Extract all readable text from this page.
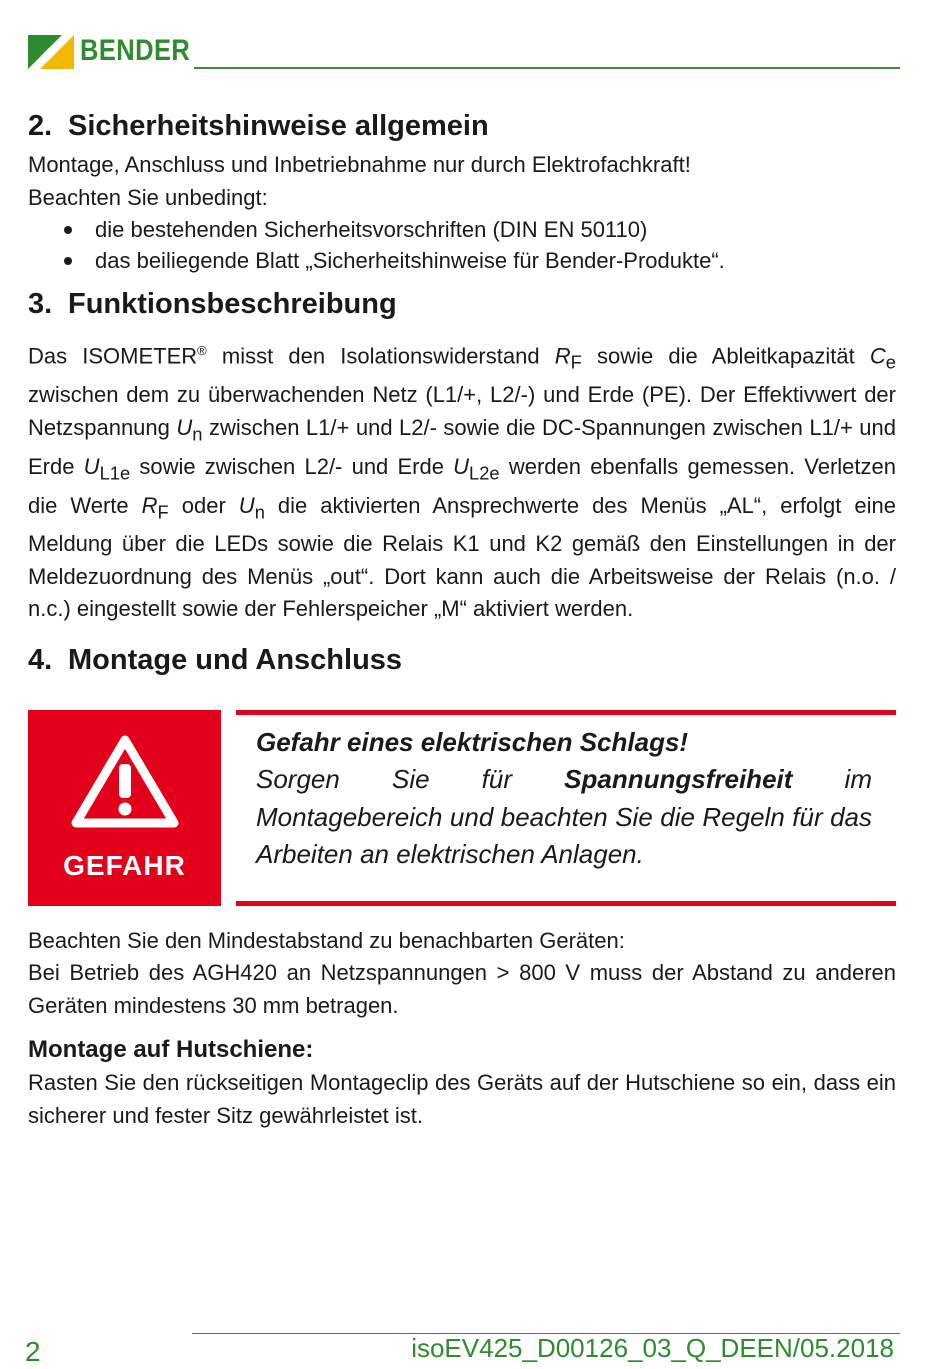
BENDER
2. Sicherheitshinweise allgemein

Montage, Anschluss und Inbetriebnahme nur durch Elektrofachkraft!

Beachten Sie unbedingt:

die bestehenden Sicherheitsvorschriften (DIN EN 50110)
das beiliegende Blatt „Sicherheitshinweise für Bender-Produkte“.
3. Funktionsbeschreibung

Das ISOMETER® misst den Isolationswiderstand $R_F$ sowie die Ableitkapazität $C_e$ zwischen dem zu überwachenden Netz (L1/+, L2/-) und Erde (PE). Der Effektivwert der Netzspannung $U_n$ zwischen L1/+ und L2/- sowie die DC-Spannungen zwischen L1/+ und Erde $U_{L1e}$ sowie zwischen L2/- und Erde $U_{L2e}$ werden ebenfalls gemessen. Verletzen die Werte $R_F$ oder $U_n$ die aktivierten Ansprechwerte des Menüs „AL“, erfolgt eine Meldung über die LEDs sowie die Relais K1 und K2 gemäß den Einstellungen in der Meldezuordnung des Menüs „out“. Dort kann auch die Arbeitsweise der Relais (n.o. / n.c.) eingestellt sowie der Fehlerspeicher „M“ aktiviert werden.

4. Montage und Anschluss
GEFAHR
Gefahr eines elektrischen Schlags!
Sorgen Sie für Spannungsfreiheit im Montagebereich und beachten Sie die Regeln für das Arbeiten an elektrischen Anlagen.

Beachten Sie den Mindestabstand zu benachbarten Geräten:

Bei Betrieb des AGH420 an Netzspannungen > 800 V muss der Abstand zu anderen Geräten mindestens 30 mm betragen.

Montage auf Hutschiene:

Rasten Sie den rückseitigen Montageclip des Geräts auf der Hutschiene so ein, dass ein sicherer und fester Sitz gewährleistet ist.

2	isoEV425_D00126_03_Q_DEEN/05.2018
